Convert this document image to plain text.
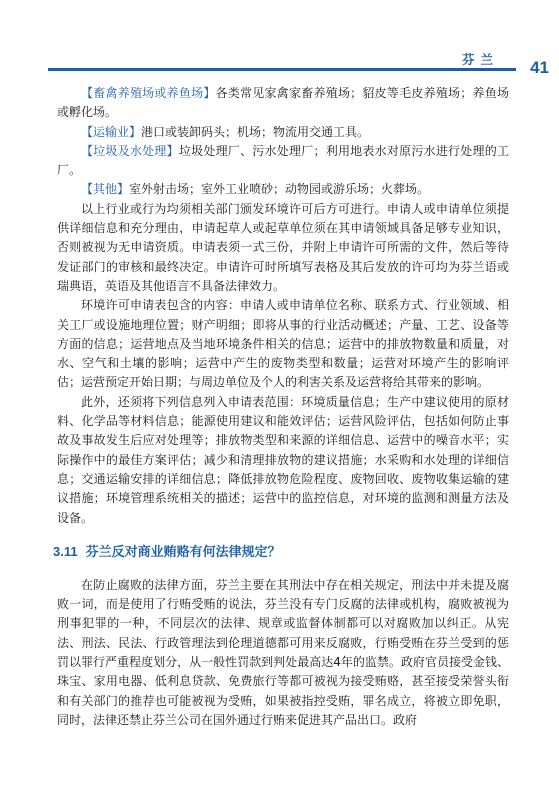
芬兰 41

【畜禽养殖场或养鱼场】各类常见家禽家畜养殖场；貂皮等毛皮养殖场；养鱼场或孵化场。

【运输业】港口或装卸码头；机场；物流用交通工具。

【垃圾及水处理】垃圾处理厂、污水处理厂；利用地表水对原污水进行处理的工厂。

【其他】室外射击场；室外工业喷砂；动物园或游乐场；火葬场。

以上行业或行为均须相关部门颁发环境许可后方可进行。申请人或申请单位须提供详细信息和充分理由，申请起草人或起草单位须在其申请领域具备足够专业知识，否则被视为无申请资质。申请表须一式三份，并附上申请许可所需的文件，然后等待发证部门的审核和最终决定。申请许可时所填写表格及其后发放的许可均为芬兰语或瑞典语，英语及其他语言不具备法律效力。

环境许可申请表包含的内容：申请人或申请单位名称、联系方式、行业领域、相关工厂或设施地理位置；财产明细；即将从事的行业活动概述；产量、工艺、设备等方面的信息；运营地点及当地环境条件相关的信息；运营中的排放物数量和质量，对水、空气和土壤的影响；运营中产生的废物类型和数量；运营对环境产生的影响评估；运营预定开始日期；与周边单位及个人的利害关系及运营将给其带来的影响。

此外，还须将下列信息列入申请表范围：环境质量信息；生产中建议使用的原材料、化学品等材料信息；能源使用建议和能效评估；运营风险评估，包括如何防止事故及事故发生后应对处理等；排放物类型和来源的详细信息、运营中的噪音水平；实际操作中的最佳方案评估；减少和清理排放物的建议措施；水采购和水处理的详细信息；交通运输安排的详细信息；降低排放物危险程度、废物回收、废物收集运输的建议措施；环境管理系统相关的描述；运营中的监控信息，对环境的监测和测量方法及设备。

3.11 芬兰反对商业贿赂有何法律规定？

在防止腐败的法律方面，芬兰主要在其刑法中存在相关规定，刑法中并未提及腐败一词，而是使用了行贿受贿的说法，芬兰没有专门反腐的法律或机构，腐败被视为刑事犯罪的一种，不同层次的法律、规章或监督体制都可以对腐败加以纠正。从宪法、刑法、民法、行政管理法到伦理道德都可用来反腐败，行贿受贿在芬兰受到的惩罚以罪行严重程度划分，从一般性罚款到判处最高达4年的监禁。政府官员接受金钱、珠宝、家用电器、低利息贷款、免费旅行等都可被视为接受贿赂，甚至接受荣誉头衔和有关部门的推荐也可能被视为受贿，如果被指控受贿，罪名成立，将被立即免职，同时，法律还禁止芬兰公司在国外通过行贿来促进其产品出口。政府
